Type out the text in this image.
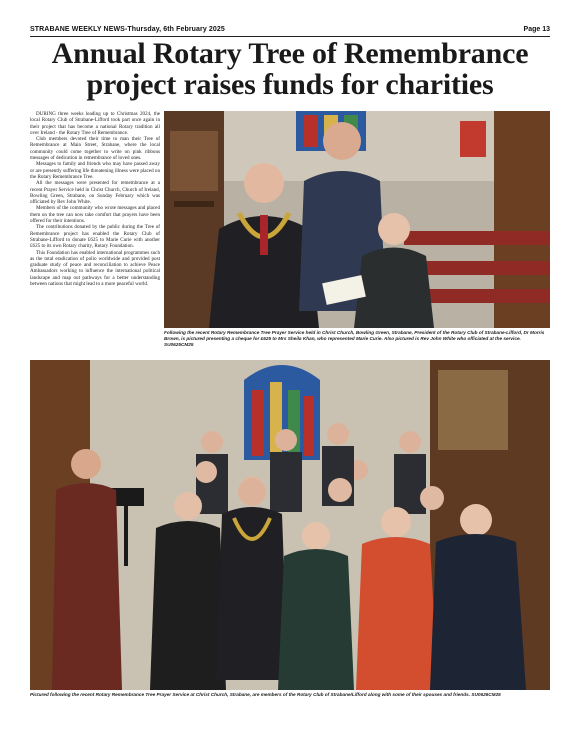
STRABANE WEEKLY NEWS-Thursday, 6th February 2025	Page 13
Annual Rotary Tree of Remembrance
project raises funds for charities

DURING three weeks leading up to Christmas 2024, the local Rotary Club of Strabane-Lifford took part once again in their project that has become a national Rotary tradition all over Ireland - the Rotary Tree of Remembrance.

Club members devoted their time to man their Tree of Remembrance at Main Street, Strabane, where the local community could come together to write on pink ribbons messages of dedication in remembrance of loved ones.

Messages to family and friends who may have passed away or are presently suffering life threatening illness were placed on the Rotary Remembrance Tree.

All the messages were presented for remembrance at a recent Prayer Service held in Christ Church, Church of Ireland, Bowling Green, Strabane, on Sunday February which was officiated by Rev John White.

Members of the community who wrote messages and placed them on the tree can now take comfort that prayers have been offered for their intentions.

The contributions donated by the public during the Tree of Remembrance project has enabled the Rotary Club of Strabane-Lifford to donate £625 to Marie Curie with another £625 to its own Rotary charity, Rotary Foundation.

This Foundation has enabled international programmes such as the total eradication of polio worldwide and provided post graduate study of peace and reconciliation to achieve Peace Ambassadors working to influence the international political landscape and map out pathways for a better understanding between nations that might lead to a more peaceful world.

Following the recent Rotary Remembrance Tree Prayer Service held in Christ Church, Bowling Green, Strabane, President of the Rotary Club of Strabane-Lifford, Dr Morris Brown, is pictured presenting a cheque for £625 to Mrs Sheila Khan, who represented Marie Curie. Also pictured is Rev John White who officiated at the service. SU0625CM25
Pictured following the recent Rotary Remembrance Tree Prayer Service at Christ Church, Strabane, are members of the Rotary Club of Strabane/Lifford along with some of their spouses and friends. SU0626CM25
